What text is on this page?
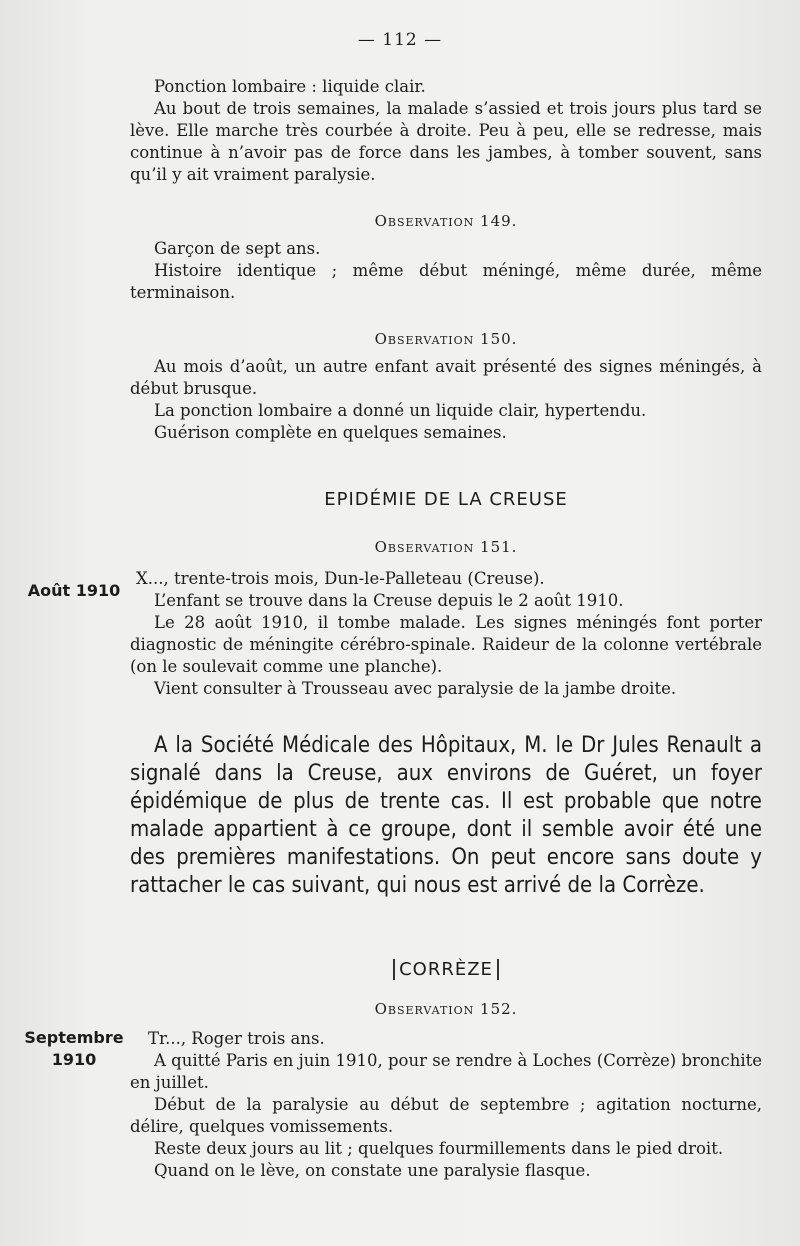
— 112 —

Ponction lombaire : liquide clair.

Au bout de trois semaines, la malade s’assied et trois jours plus tard se lève. Elle marche très courbée à droite. Peu à peu, elle se redresse, mais continue à n’avoir pas de force dans les jambes, à tomber souvent, sans qu’il y ait vraiment paralysie.

Observation 149.

Garçon de sept ans.

Histoire identique ; même début méningé, même durée, même terminaison.

Observation 150.

Au mois d’août, un autre enfant avait présenté des signes méningés, à début brusque.

La ponction lombaire a donné un liquide clair, hypertendu.

Guérison complète en quelques semaines.

EPIDÉMIE DE LA CREUSE
Août 1910
Observation 151.

X..., trente-trois mois, Dun-le-Palleteau (Creuse).

L’enfant se trouve dans la Creuse depuis le 2 août 1910.

Le 28 août 1910, il tombe malade. Les signes méningés font porter diagnostic de méningite cérébro-spinale. Raideur de la colonne vertébrale (on le soulevait comme une planche).

Vient consulter à Trousseau avec paralysie de la jambe droite.

A la Société Médicale des Hôpitaux, M. le Dr Jules Renault a signalé dans la Creuse, aux environs de Guéret, un foyer épidémique de plus de trente cas. Il est probable que notre malade appartient à ce groupe, dont il semble avoir été une des premières manifestations. On peut encore sans doute y rattacher le cas suivant, qui nous est arrivé de la Corrèze.

CORRÈZE
Septembre
1910
Observation 152.

Tr..., Roger trois ans.

A quitté Paris en juin 1910, pour se rendre à Loches (Corrèze) bronchite en juillet.

Début de la paralysie au début de septembre ; agitation nocturne, délire, quelques vomissements.

Reste deux jours au lit ; quelques fourmillements dans le pied droit.

Quand on le lève, on constate une paralysie flasque.
